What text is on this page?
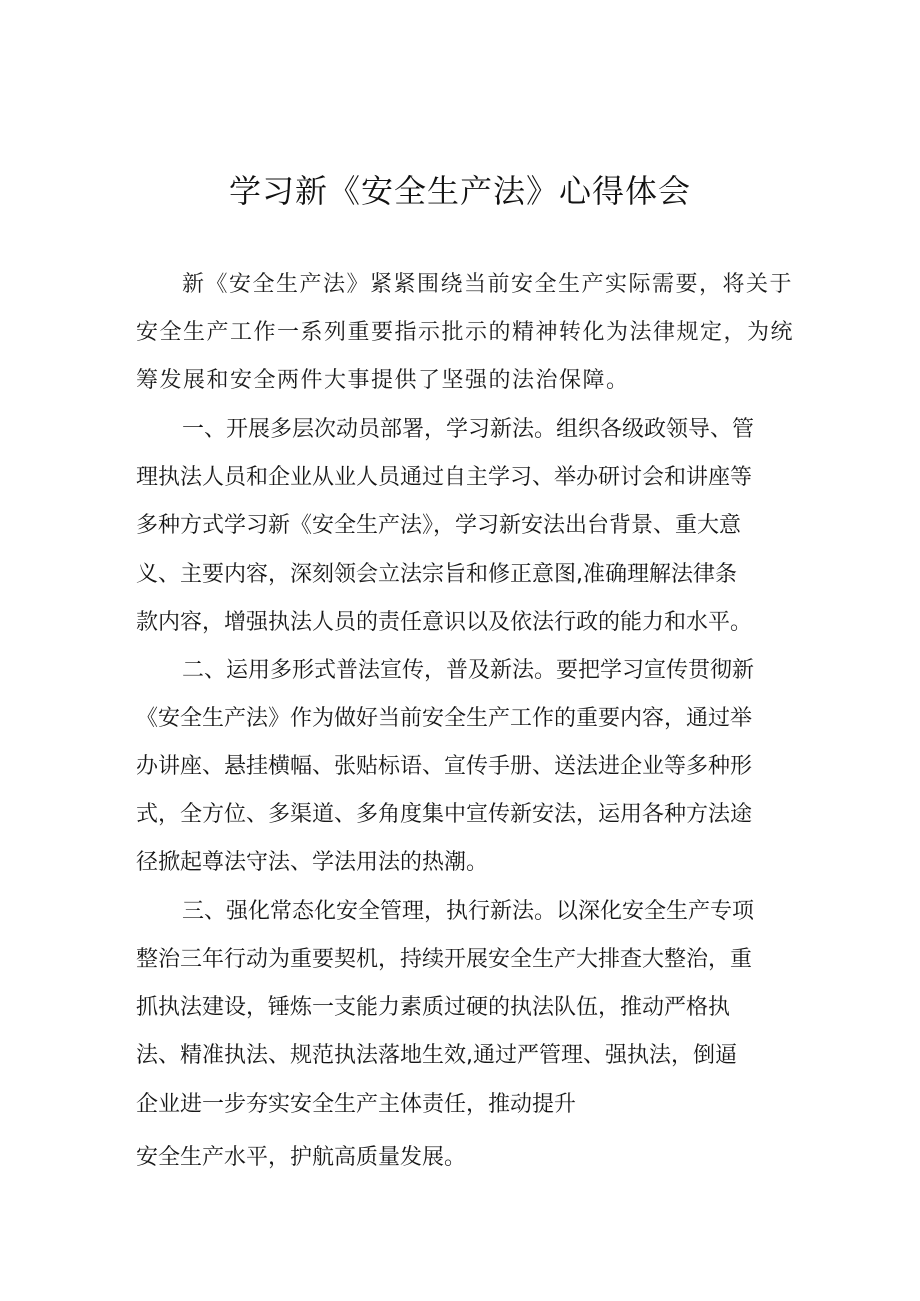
学习新《安全生产法》心得体会
新《安全生产法》紧紧围绕当前安全生产实际需要，将关于
安全生产工作一系列重要指示批示的精神转化为法律规定，为统
筹发展和安全两件大事提供了坚强的法治保障。
一、开展多层次动员部署，学习新法。组织各级政领导、管
理执法人员和企业从业人员通过自主学习、举办研讨会和讲座等
多种方式学习新《安全生产法》，学习新安法出台背景、重大意
义、主要内容，深刻领会立法宗旨和修正意图,准确理解法律条
款内容，增强执法人员的责任意识以及依法行政的能力和水平。
二、运用多形式普法宣传，普及新法。要把学习宣传贯彻新
《安全生产法》作为做好当前安全生产工作的重要内容，通过举
办讲座、悬挂横幅、张贴标语、宣传手册、送法进企业等多种形
式，全方位、多渠道、多角度集中宣传新安法，运用各种方法途
径掀起尊法守法、学法用法的热潮。
三、强化常态化安全管理，执行新法。以深化安全生产专项
整治三年行动为重要契机，持续开展安全生产大排查大整治，重
抓执法建设，锤炼一支能力素质过硬的执法队伍，推动严格执
法、精准执法、规范执法落地生效,通过严管理、强执法，倒逼
企业进一步夯实安全生产主体责任，推动提升
安全生产水平，护航高质量发展。
